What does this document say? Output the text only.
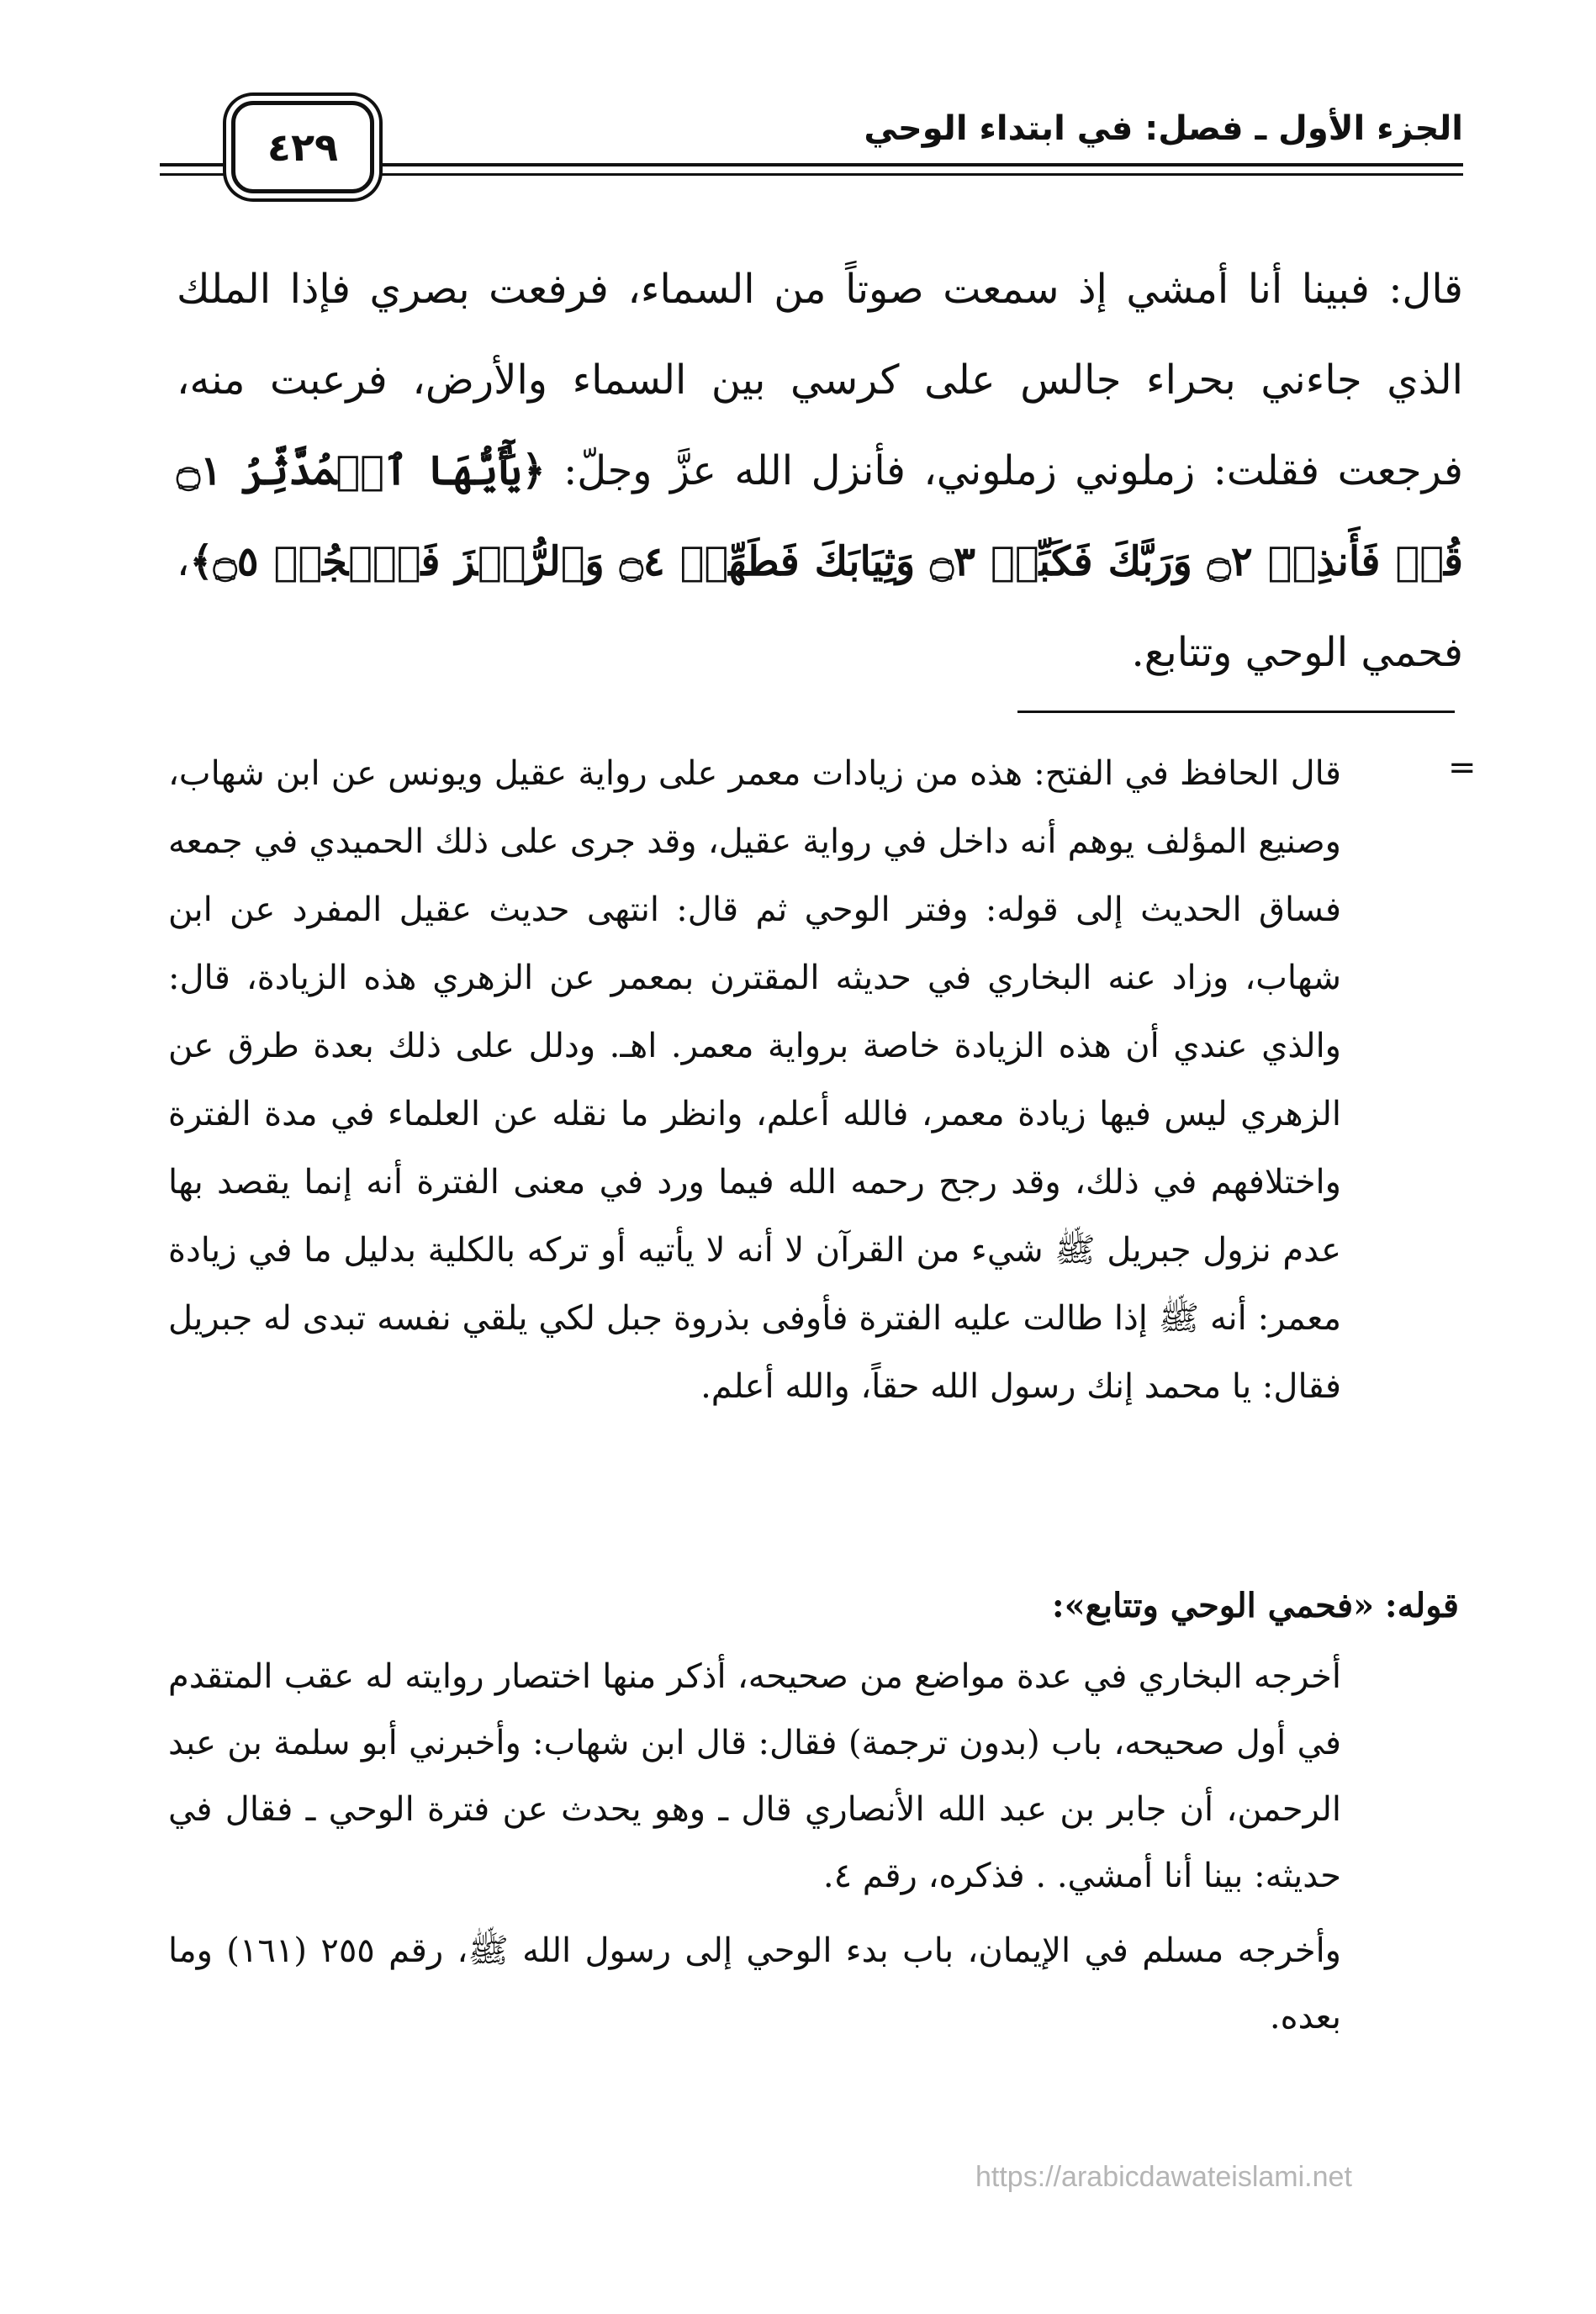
الجزء الأول ـ فصل: في ابتداء الوحي
٤٢٩

قال: فبينا أنا أمشي إذ سمعت صوتاً من السماء، فرفعت بصري فإذا الملك الذي جاءني بحراء جالس على كرسي بين السماء والأرض، فرعبت منه، فرجعت فقلت: زملوني زملوني، فأنزل الله عزَّ وجلّ: ﴿يَٰٓأَيُّهَا ٱلۡمُدَّثِّرُ ۝١ قُمۡ فَأَنذِرۡ ۝٢ وَرَبَّكَ فَكَبِّرۡ ۝٣ وَثِيَابَكَ فَطَهِّرۡ ۝٤ وَٱلرُّجۡزَ فَٱهۡجُرۡ ۝٥﴾، فحمي الوحي وتتابع.

=

قال الحافظ في الفتح: هذه من زيادات معمر على رواية عقيل ويونس عن ابن شهاب، وصنيع المؤلف يوهم أنه داخل في رواية عقيل، وقد جرى على ذلك الحميدي في جمعه فساق الحديث إلى قوله: وفتر الوحي ثم قال: انتهى حديث عقيل المفرد عن ابن شهاب، وزاد عنه البخاري في حديثه المقترن بمعمر عن الزهري هذه الزيادة، قال: والذي عندي أن هذه الزيادة خاصة برواية معمر. اهـ. ودلل على ذلك بعدة طرق عن الزهري ليس فيها زيادة معمر، فالله أعلم، وانظر ما نقله عن العلماء في مدة الفترة واختلافهم في ذلك، وقد رجح رحمه الله فيما ورد في معنى الفترة أنه إنما يقصد بها عدم نزول جبريل ﷺ شيء من القرآن لا أنه لا يأتيه أو تركه بالكلية بدليل ما في زيادة معمر: أنه ﷺ إذا طالت عليه الفترة فأوفى بذروة جبل لكي يلقي نفسه تبدى له جبريل فقال: يا محمد إنك رسول الله حقاً، والله أعلم.

قوله: «فحمي الوحي وتتابع»:

أخرجه البخاري في عدة مواضع من صحيحه، أذكر منها اختصار روايته له عقب المتقدم في أول صحيحه، باب (بدون ترجمة) فقال: قال ابن شهاب: وأخبرني أبو سلمة بن عبد الرحمن، أن جابر بن عبد الله الأنصاري قال ـ وهو يحدث عن فترة الوحي ـ فقال في حديثه: بينا أنا أمشي. . فذكره، رقم ٤.

وأخرجه مسلم في الإيمان، باب بدء الوحي إلى رسول الله ﷺ، رقم ٢٥٥ (١٦١) وما بعده.

https://arabicdawateislami.net
